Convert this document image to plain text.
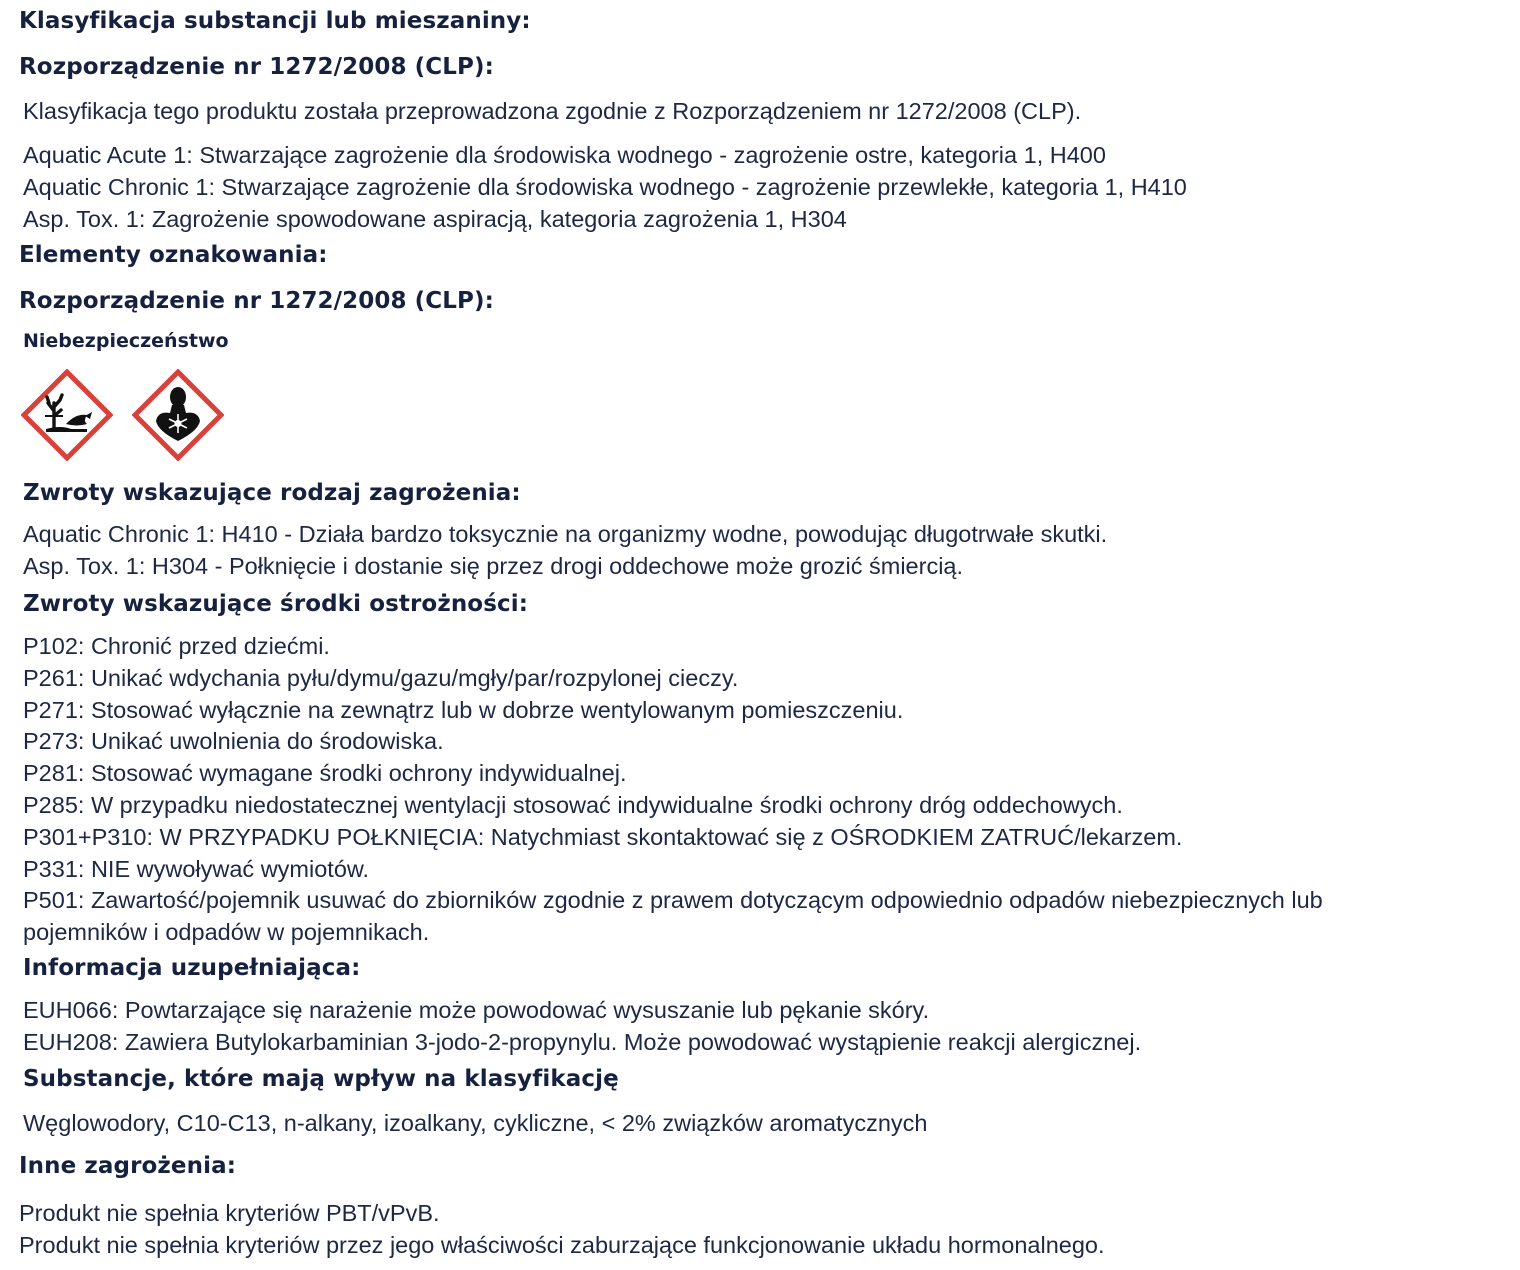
Klasyfikacja substancji lub mieszaniny:
Rozporządzenie nr 1272/2008 (CLP):
Klasyfikacja tego produktu została przeprowadzona zgodnie z Rozporządzeniem nr 1272/2008 (CLP).
Aquatic Acute 1: Stwarzające zagrożenie dla środowiska wodnego - zagrożenie ostre, kategoria 1, H400
Aquatic Chronic 1: Stwarzające zagrożenie dla środowiska wodnego - zagrożenie przewlekłe, kategoria 1, H410
Asp. Tox. 1: Zagrożenie spowodowane aspiracją, kategoria zagrożenia 1, H304
Elementy oznakowania:
Rozporządzenie nr 1272/2008 (CLP):
Niebezpieczeństwo
Zwroty wskazujące rodzaj zagrożenia:
Aquatic Chronic 1: H410 - Działa bardzo toksycznie na organizmy wodne, powodując długotrwałe skutki.
Asp. Tox. 1: H304 - Połknięcie i dostanie się przez drogi oddechowe może grozić śmiercią.
Zwroty wskazujące środki ostrożności:
P102: Chronić przed dziećmi.
P261: Unikać wdychania pyłu/dymu/gazu/mgły/par/rozpylonej cieczy.
P271: Stosować wyłącznie na zewnątrz lub w dobrze wentylowanym pomieszczeniu.
P273: Unikać uwolnienia do środowiska.
P281: Stosować wymagane środki ochrony indywidualnej.
P285: W przypadku niedostatecznej wentylacji stosować indywidualne środki ochrony dróg oddechowych.
P301+P310: W PRZYPADKU POŁKNIĘCIA: Natychmiast skontaktować się z OŚRODKIEM ZATRUĆ/lekarzem.
P331: NIE wywoływać wymiotów.
P501: Zawartość/pojemnik usuwać do zbiorników zgodnie z prawem dotyczącym odpowiednio odpadów niebezpiecznych lub
pojemników i odpadów w pojemnikach.
Informacja uzupełniająca:
EUH066: Powtarzające się narażenie może powodować wysuszanie lub pękanie skóry.
EUH208: Zawiera Butylokarbaminian 3-jodo-2-propynylu. Może powodować wystąpienie reakcji alergicznej.
Substancje, które mają wpływ na klasyfikację
Węglowodory, C10-C13, n-alkany, izoalkany, cykliczne, < 2% związków aromatycznych
Inne zagrożenia:
Produkt nie spełnia kryteriów PBT/vPvB.
Produkt nie spełnia kryteriów przez jego właściwości zaburzające funkcjonowanie układu hormonalnego.
